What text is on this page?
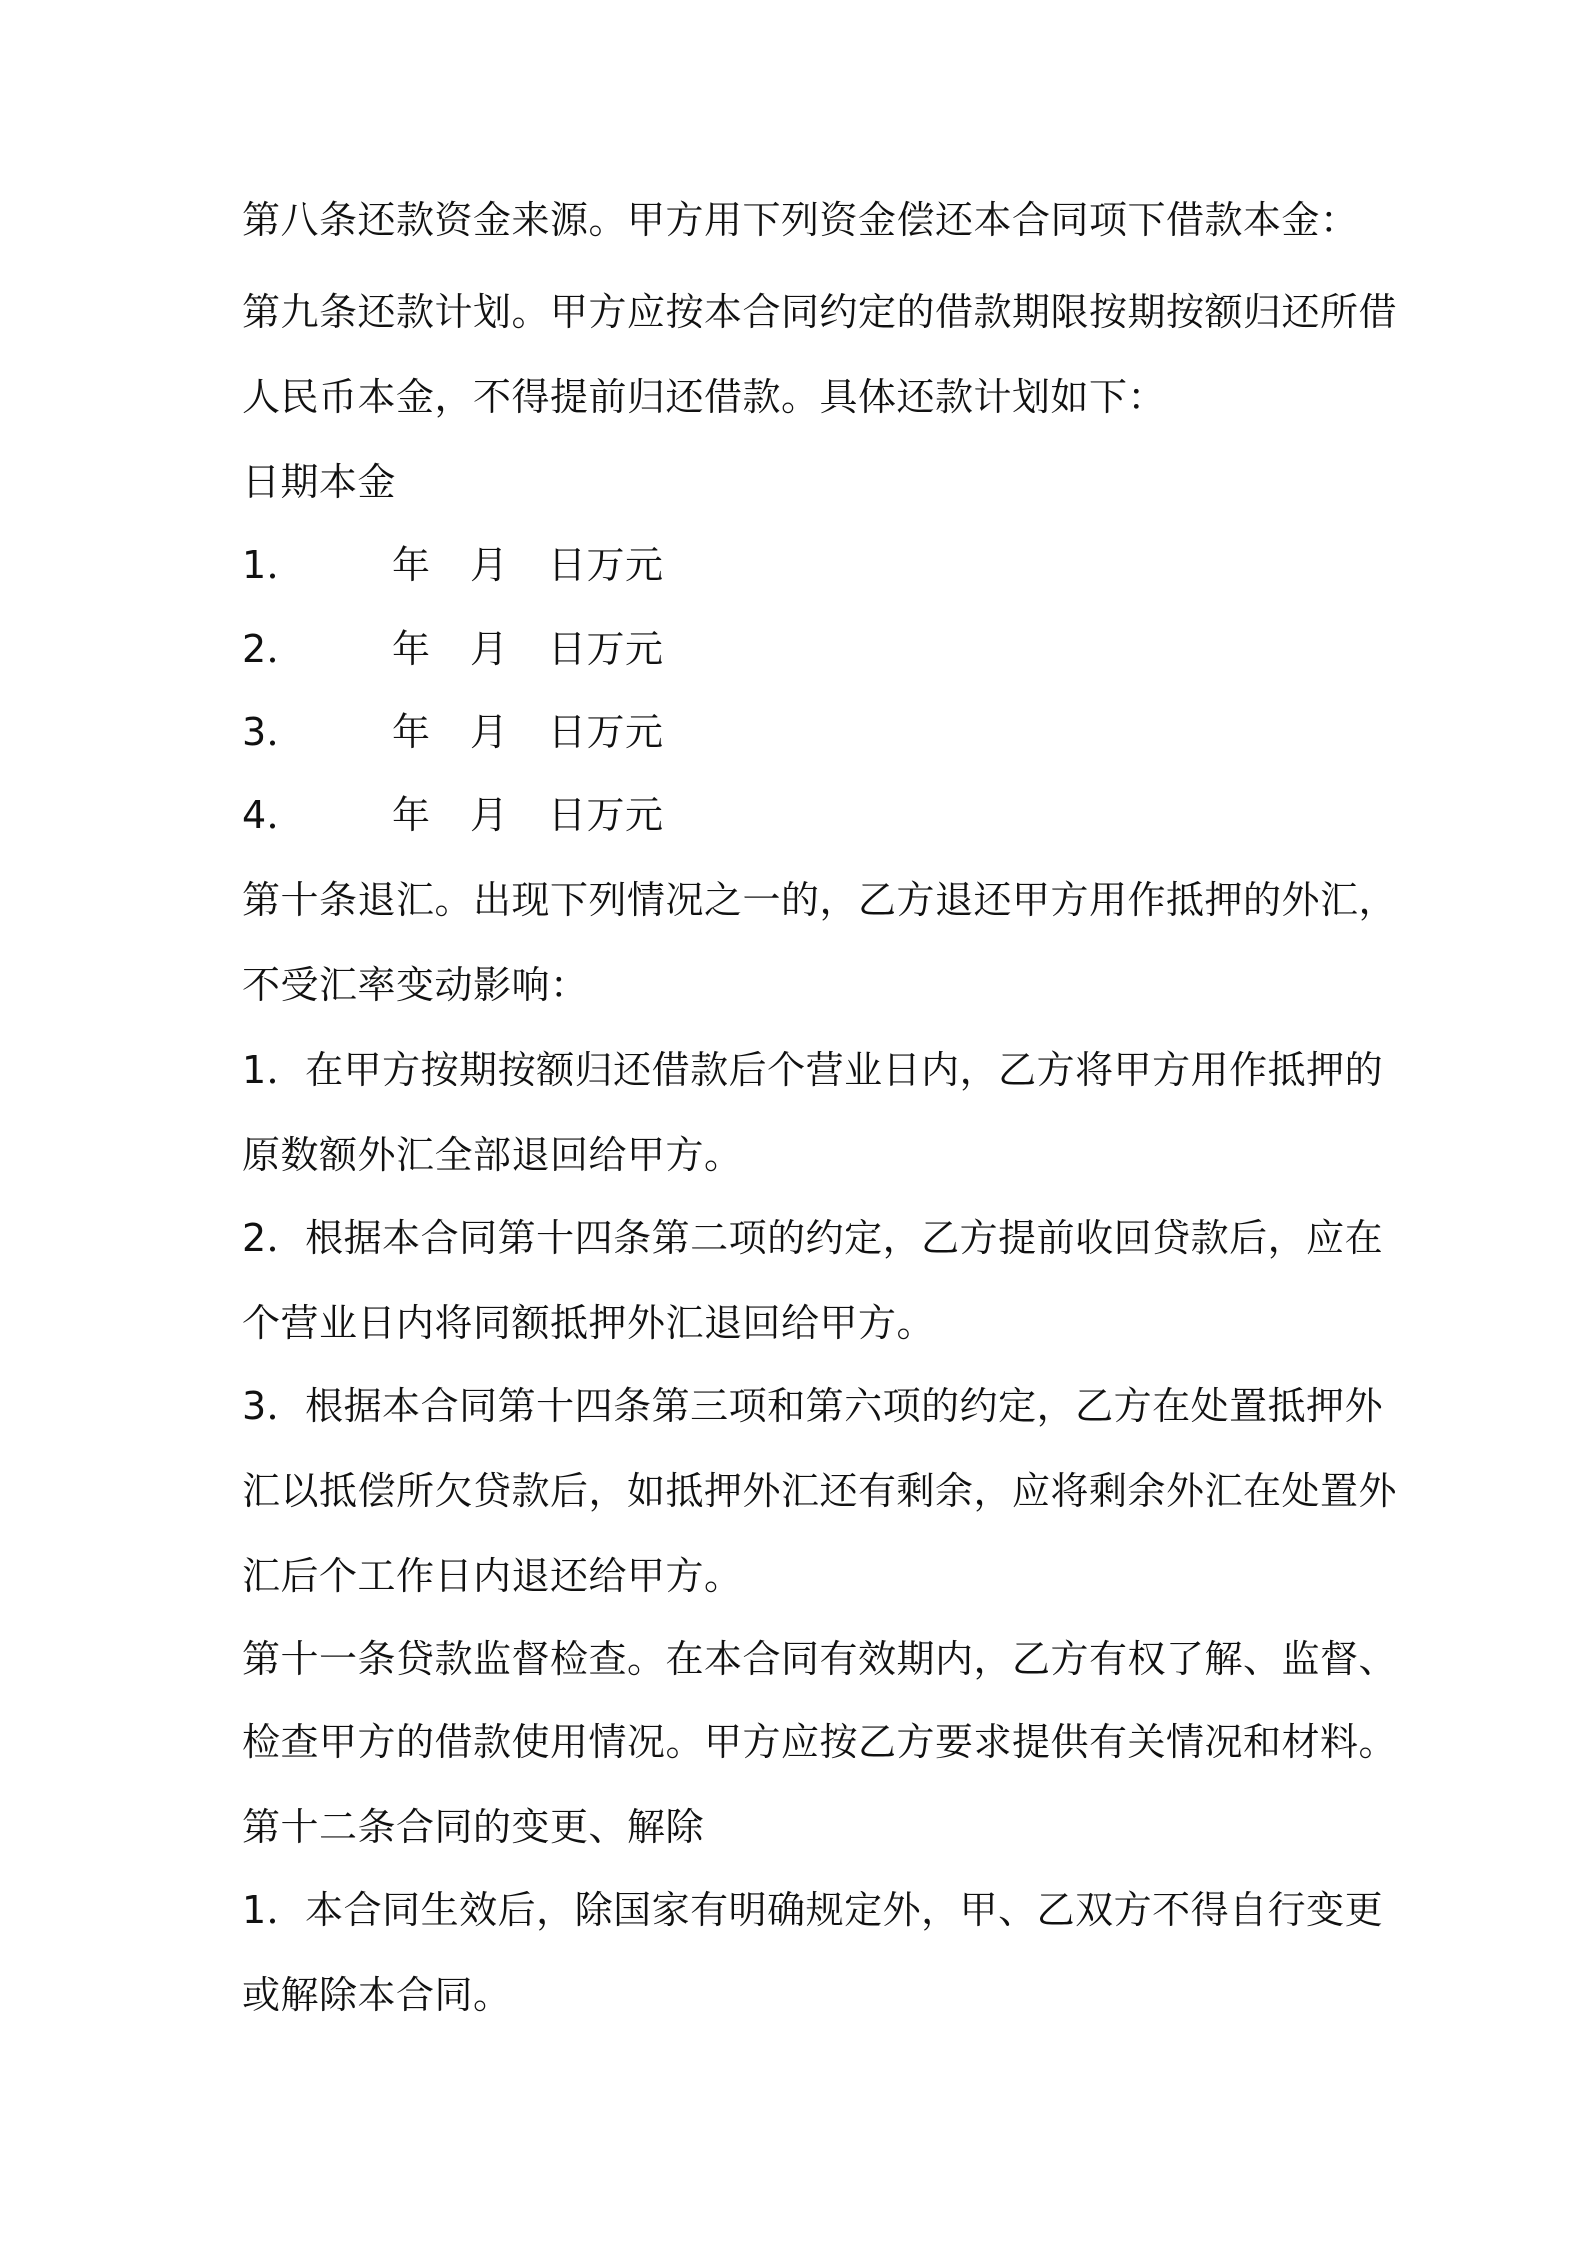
第八条还款资金来源。甲方用下列资金偿还本合同项下借款本金：
第九条还款计划。甲方应按本合同约定的借款期限按期按额归还所借
人民币本金，不得提前归还借款。具体还款计划如下：
日期本金
1． 年 月 日万元
2． 年 月 日万元
3． 年 月 日万元
4． 年 月 日万元
第十条退汇。出现下列情况之一的，乙方退还甲方用作抵押的外汇，
不受汇率变动影响：
1．在甲方按期按额归还借款后个营业日内，乙方将甲方用作抵押的
原数额外汇全部退回给甲方。
2．根据本合同第十四条第二项的约定，乙方提前收回贷款后，应在
个营业日内将同额抵押外汇退回给甲方。
3．根据本合同第十四条第三项和第六项的约定，乙方在处置抵押外
汇以抵偿所欠贷款后，如抵押外汇还有剩余，应将剩余外汇在处置外
汇后个工作日内退还给甲方。
第十一条贷款监督检查。在本合同有效期内，乙方有权了解、监督、
检查甲方的借款使用情况。甲方应按乙方要求提供有关情况和材料。
第十二条合同的变更、解除
1．本合同生效后，除国家有明确规定外，甲、乙双方不得自行变更
或解除本合同。
